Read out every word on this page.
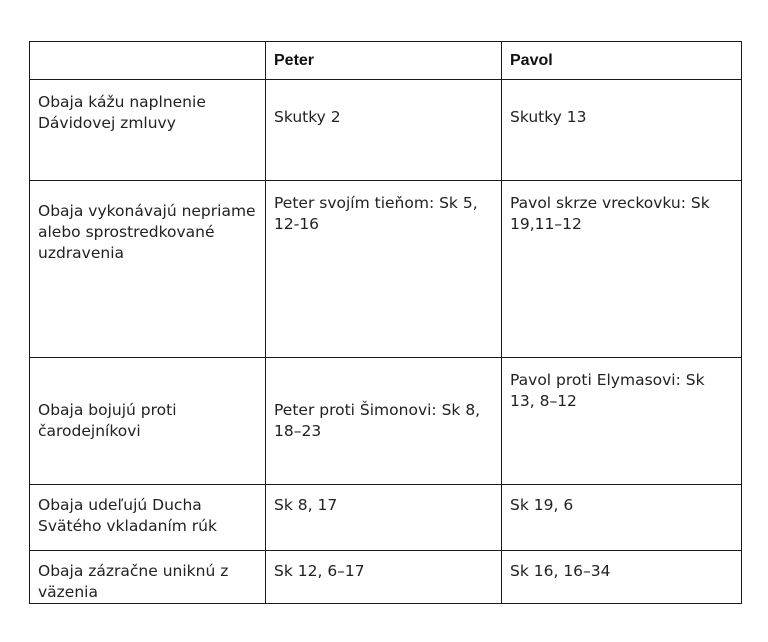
	Peter	Pavol
Obaja kážu naplnenie Dávidovej zmluvy	Skutky 2	Skutky 13
Obaja vykonávajú nepriame alebo sprostredkované uzdravenia	Peter svojím tieňom: Sk 5, 12-16	Pavol skrze vreckovku: Sk 19,11–12
Obaja bojujú proti čarodejníkovi	Peter proti Šimonovi: Sk 8, 18–23	Pavol proti Elymasovi: Sk 13, 8–12
Obaja udeľujú Ducha Svätého vkladaním rúk	Sk 8, 17	Sk 19, 6
Obaja zázračne uniknú z väzenia	Sk 12, 6–17	Sk 16, 16–34
